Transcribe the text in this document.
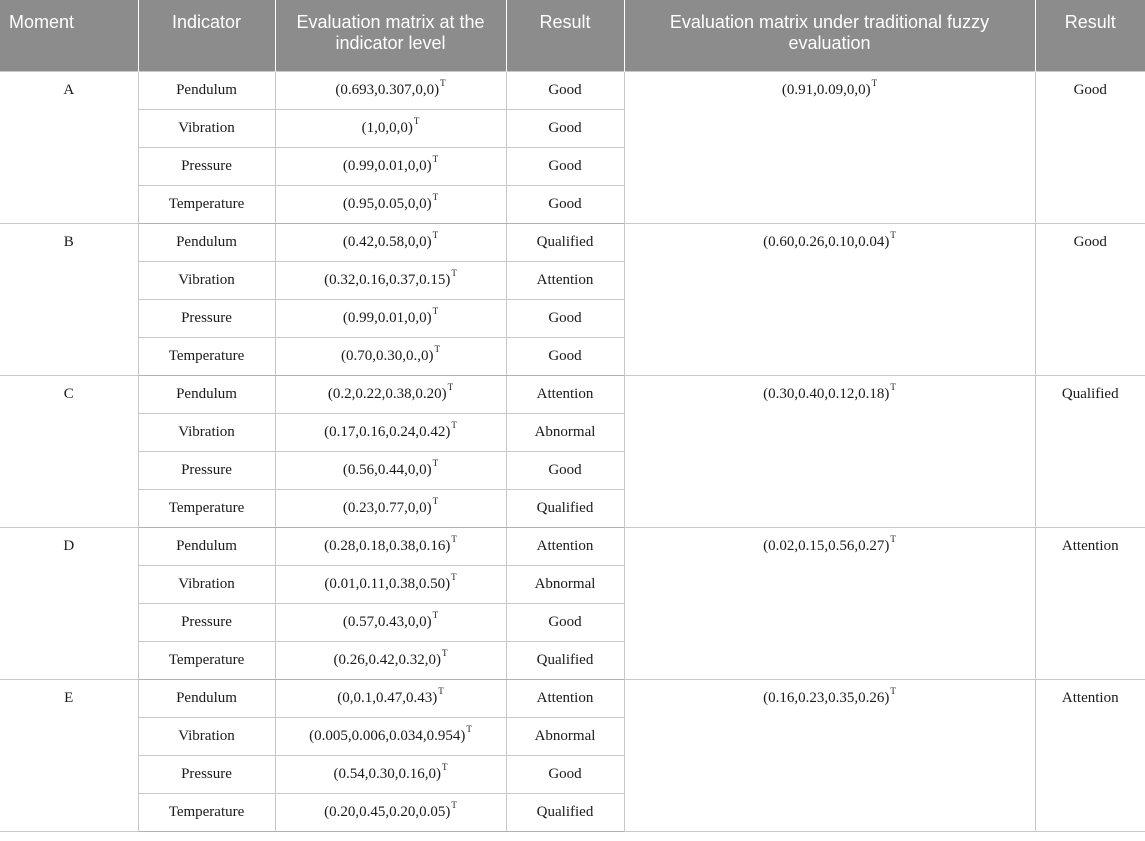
Moment	Indicator	Evaluation matrix at the indicator level	Result	Evaluation matrix under traditional fuzzy evaluation	Result
A	Pendulum	$(0.693,0.307,0,0)^T$	Good	$(0.91,0.09,0,0)^T$	Good
	Vibration	$(1,0,0,0)^T$	Good		
	Pressure	$(0.99,0.01,0,0)^T$	Good		
	Temperature	$(0.95,0.05,0,0)^T$	Good		
B	Pendulum	$(0.42,0.58,0,0)^T$	Qualified	$(0.60,0.26,0.10,0.04)^T$	Good
	Vibration	$(0.32,0.16,0.37,0.15)^T$	Attention		
	Pressure	$(0.99,0.01,0,0)^T$	Good		
	Temperature	$(0.70,0.30,0.,0)^T$	Good		
C	Pendulum	$(0.2,0.22,0.38,0.20)^T$	Attention	$(0.30,0.40,0.12,0.18)^T$	Qualified
	Vibration	$(0.17,0.16,0.24,0.42)^T$	Abnormal		
	Pressure	$(0.56,0.44,0,0)^T$	Good		
	Temperature	$(0.23,0.77,0,0)^T$	Qualified		
D	Pendulum	$(0.28,0.18,0.38,0.16)^T$	Attention	$(0.02,0.15,0.56,0.27)^T$	Attention
	Vibration	$(0.01,0.11,0.38,0.50)^T$	Abnormal		
	Pressure	$(0.57,0.43,0,0)^T$	Good		
	Temperature	$(0.26,0.42,0.32,0)^T$	Qualified		
E	Pendulum	$(0,0.1,0.47,0.43)^T$	Attention	$(0.16,0.23,0.35,0.26)^T$	Attention
	Vibration	$(0.005,0.006,0.034,0.954)^T$	Abnormal		
	Pressure	$(0.54,0.30,0.16,0)^T$	Good		
	Temperature	$(0.20,0.45,0.20,0.05)^T$	Qualified		
